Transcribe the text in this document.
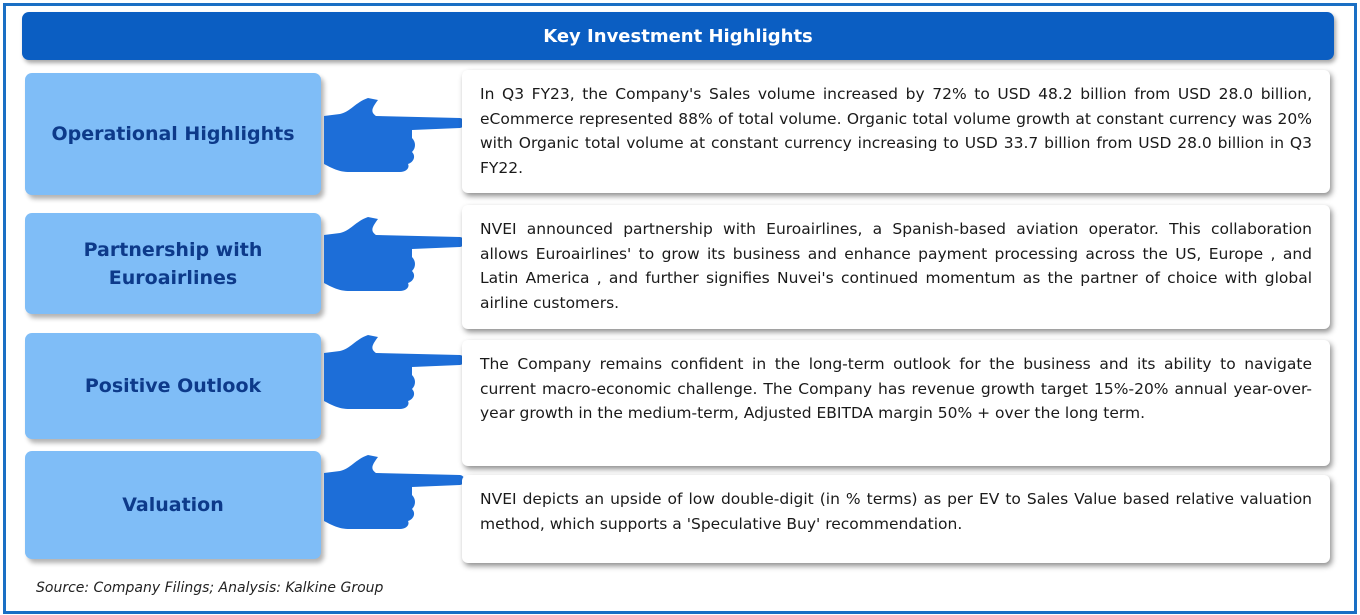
Key Investment Highlights
Operational Highlights
In Q3 FY23, the Company's Sales volume increased by 72% to USD 48.2 billion from USD 28.0 billion, eCommerce represented 88% of total volume. Organic total volume growth at constant currency was 20% with Organic total volume at constant currency increasing to USD 33.7 billion from USD 28.0 billion in Q3 FY22.
Partnership with Euroairlines
NVEI announced partnership with Euroairlines, a Spanish-based aviation operator. This collaboration allows Euroairlines' to grow its business and enhance payment processing across the US, Europe , and Latin America , and further signifies Nuvei's continued momentum as the partner of choice with global airline customers.
Positive Outlook
The Company remains confident in the long-term outlook for the business and its ability to navigate current macro-economic challenge. The Company has revenue growth target 15%-20% annual year-over-year growth in the medium-term, Adjusted EBITDA margin 50% + over the long term.
Valuation	NVEI depicts an upside of low double-digit (in % terms) as per EV to Sales Value based relative valuation method, which supports a 'Speculative Buy' recommendation.
Source: Company Filings; Analysis: Kalkine Group
